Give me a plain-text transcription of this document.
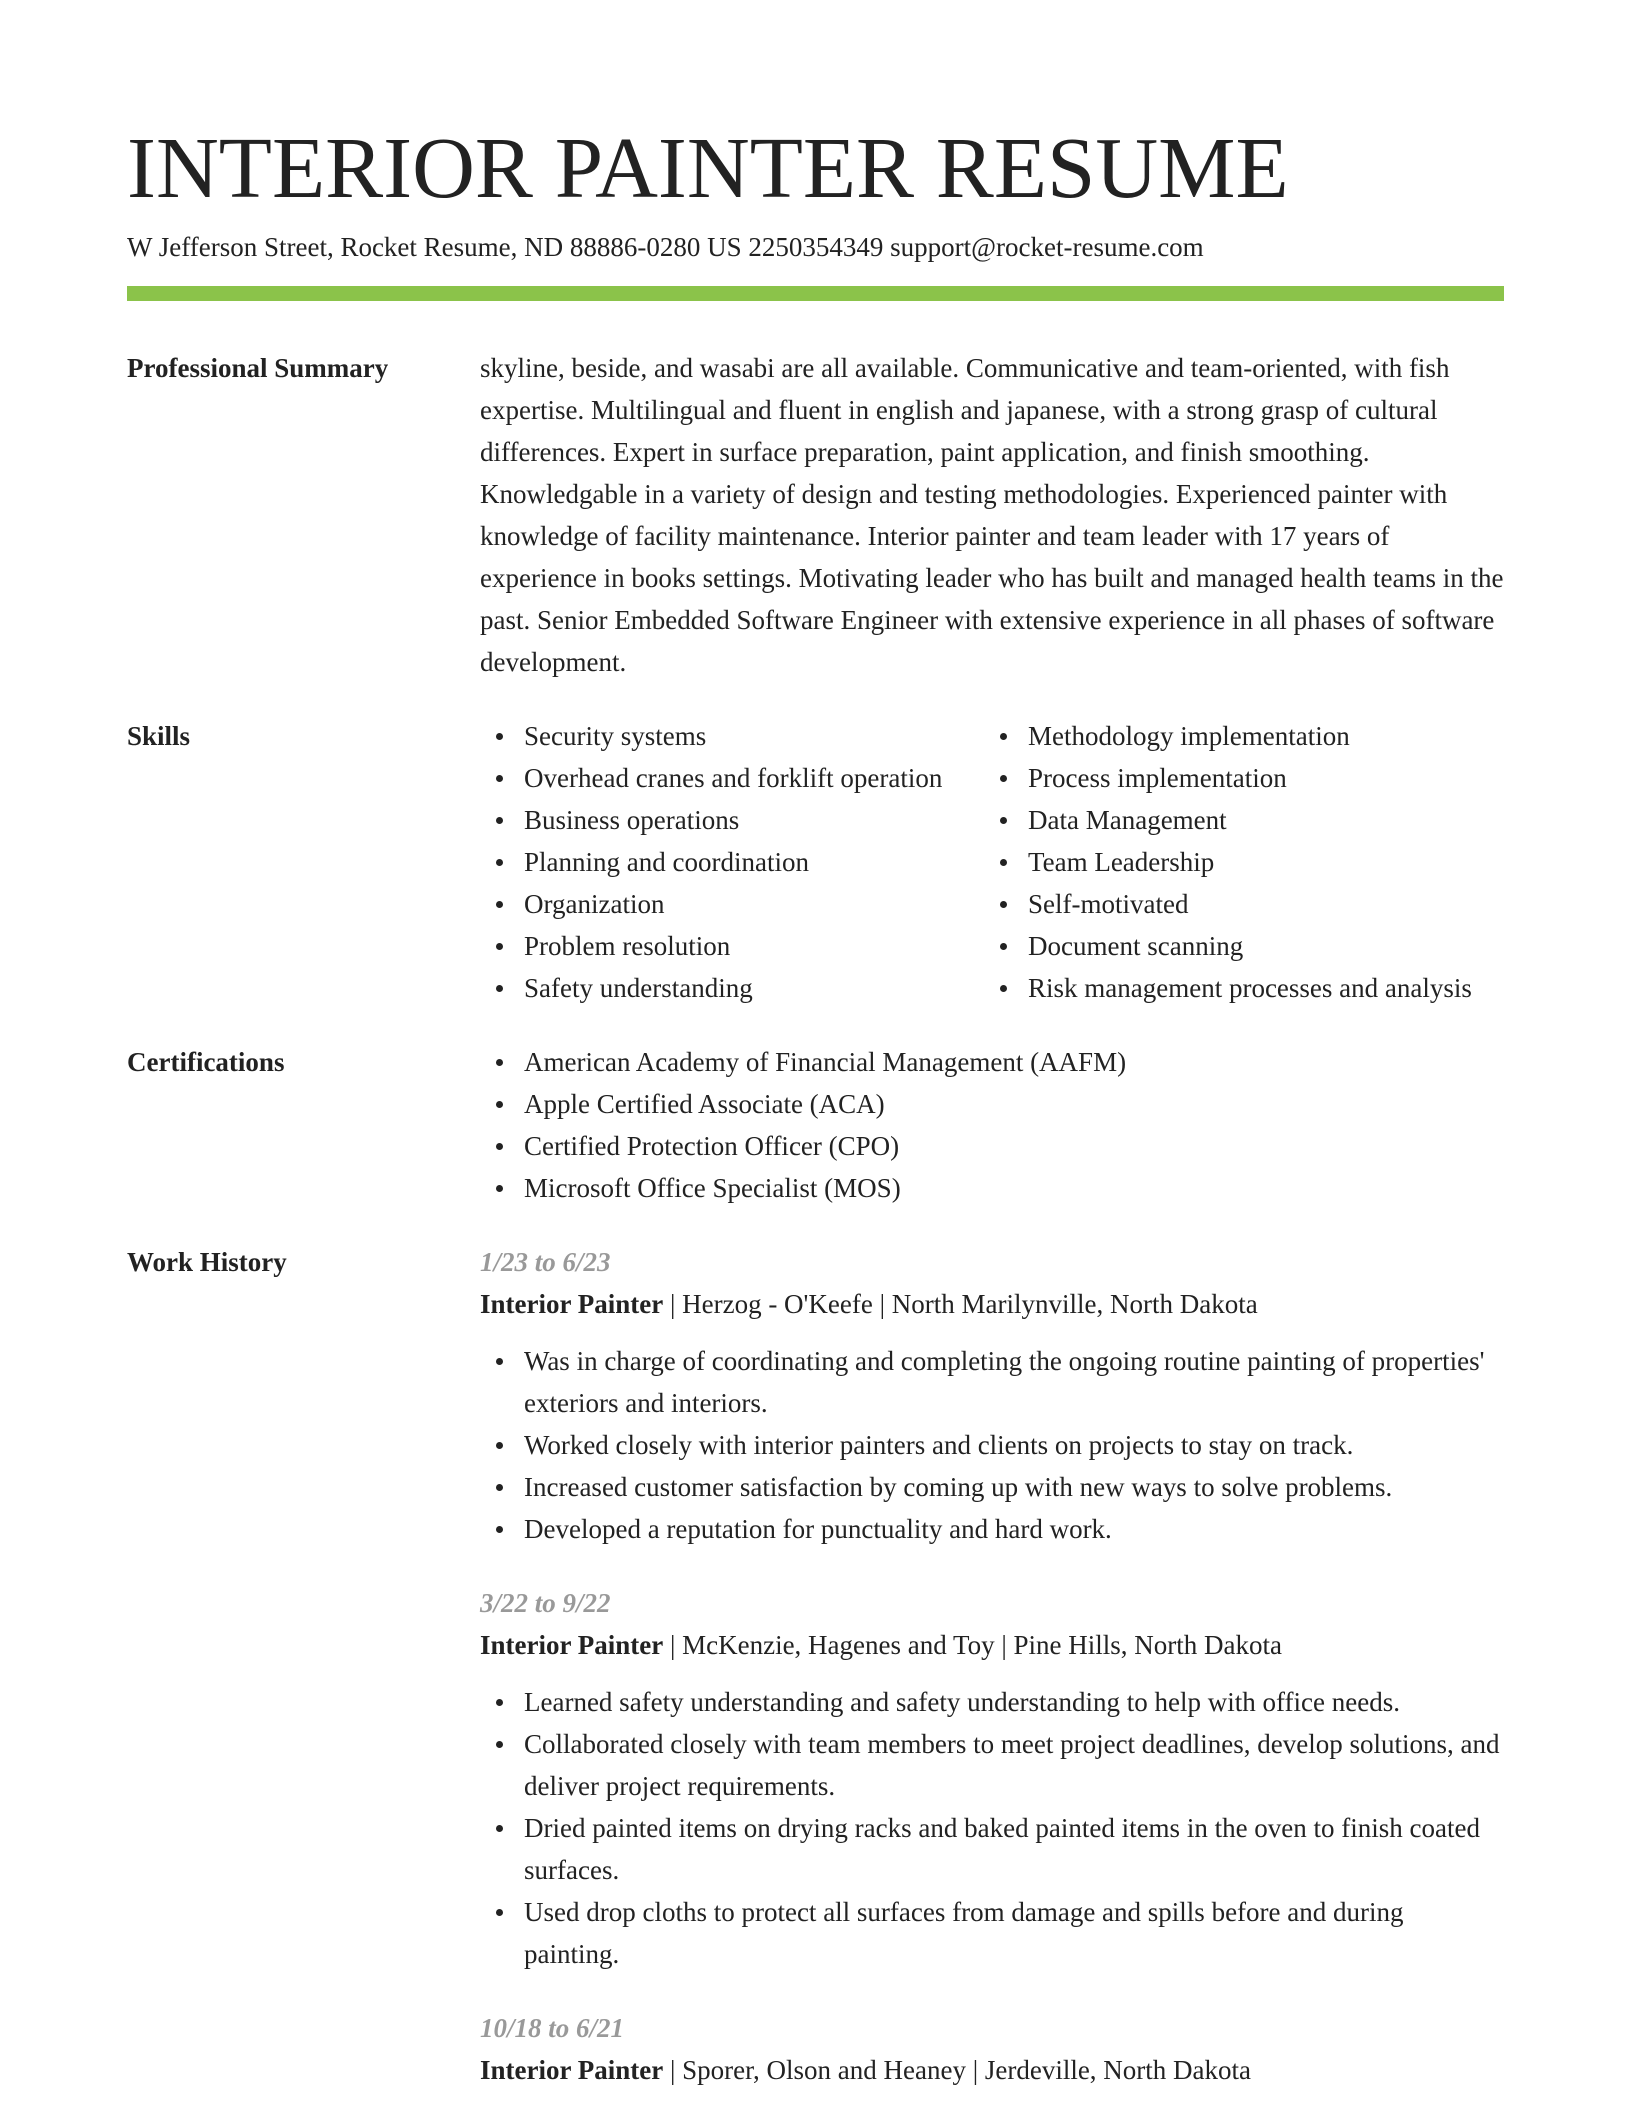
INTERIOR PAINTER RESUME
W Jefferson Street, Rocket Resume, ND 88886-0280 US 2250354349 support@rocket-resume.com
Professional Summary	skyline, beside, and wasabi are all available. Communicative and team-oriented, with fish expertise. Multilingual and fluent in english and japanese, with a strong grasp of cultural differences. Expert in surface preparation, paint application, and finish smoothing. Knowledgable in a variety of design and testing methodologies. Experienced painter with knowledge of facility maintenance. Interior painter and team leader with 17 years of experience in books settings. Motivating leader who has built and managed health teams in the past. Senior Embedded Software Engineer with extensive experience in all phases of software development.

Skills	Security systems
Overhead cranes and forklift operation
Business operations
Planning and coordination
Organization
Problem resolution
Safety understanding
Methodology implementation
Process implementation
Data Management
Team Leadership
Self-motivated
Document scanning
Risk management processes and analysis
Certifications	American Academy of Financial Management (AAFM)
Apple Certified Associate (ACA)
Certified Protection Officer (CPO)
Microsoft Office Specialist (MOS)
Work History	1/23 to 6/23
Interior Painter | Herzog - O'Keefe | North Marilynville, North Dakota
Was in charge of coordinating and completing the ongoing routine painting of properties' exteriors and interiors.
Worked closely with interior painters and clients on projects to stay on track.
Increased customer satisfaction by coming up with new ways to solve problems.
Developed a reputation for punctuality and hard work.
3/22 to 9/22
Interior Painter | McKenzie, Hagenes and Toy | Pine Hills, North Dakota
Learned safety understanding and safety understanding to help with office needs.
Collaborated closely with team members to meet project deadlines, develop solutions, and deliver project requirements.
Dried painted items on drying racks and baked painted items in the oven to finish coated surfaces.
Used drop cloths to protect all surfaces from damage and spills before and during painting.
10/18 to 6/21
Interior Painter | Sporer, Olson and Heaney | Jerdeville, North Dakota
